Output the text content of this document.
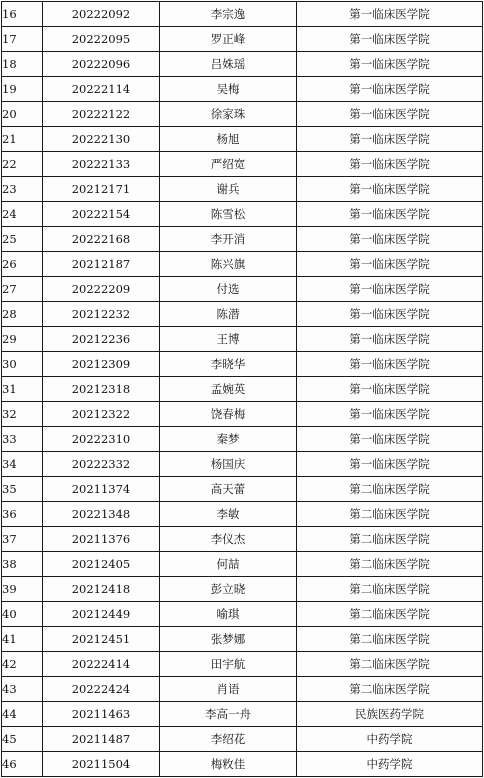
16	20222092	李宗逸	第一临床医学院
17	20222095	罗正峰	第一临床医学院
18	20222096	吕姝瑶	第一临床医学院
19	20222114	吴梅	第一临床医学院
20	20222122	徐家珠	第一临床医学院
21	20222130	杨旭	第一临床医学院
22	20222133	严绍宽	第一临床医学院
23	20212171	谢兵	第一临床医学院
24	20222154	陈雪松	第一临床医学院
25	20222168	李开消	第一临床医学院
26	20212187	陈兴旗	第一临床医学院
27	20222209	付选	第一临床医学院
28	20212232	陈潜	第一临床医学院
29	20212236	王博	第一临床医学院
30	20212309	李晓华	第一临床医学院
31	20212318	孟婉英	第一临床医学院
32	20212322	饶春梅	第一临床医学院
33	20222310	秦梦	第一临床医学院
34	20222332	杨国庆	第一临床医学院
35	20211374	高天蕾	第二临床医学院
36	20221348	李敏	第二临床医学院
37	20211376	李仪杰	第二临床医学院
38	20212405	何喆	第二临床医学院
39	20212418	彭立晓	第二临床医学院
40	20212449	喻琪	第二临床医学院
41	20212451	张梦娜	第二临床医学院
42	20222414	田宇航	第二临床医学院
43	20222424	肖语	第二临床医学院
44	20211463	李高一舟	民族医药学院
45	20211487	李绍花	中药学院
46	20211504	梅敉佳	中药学院
